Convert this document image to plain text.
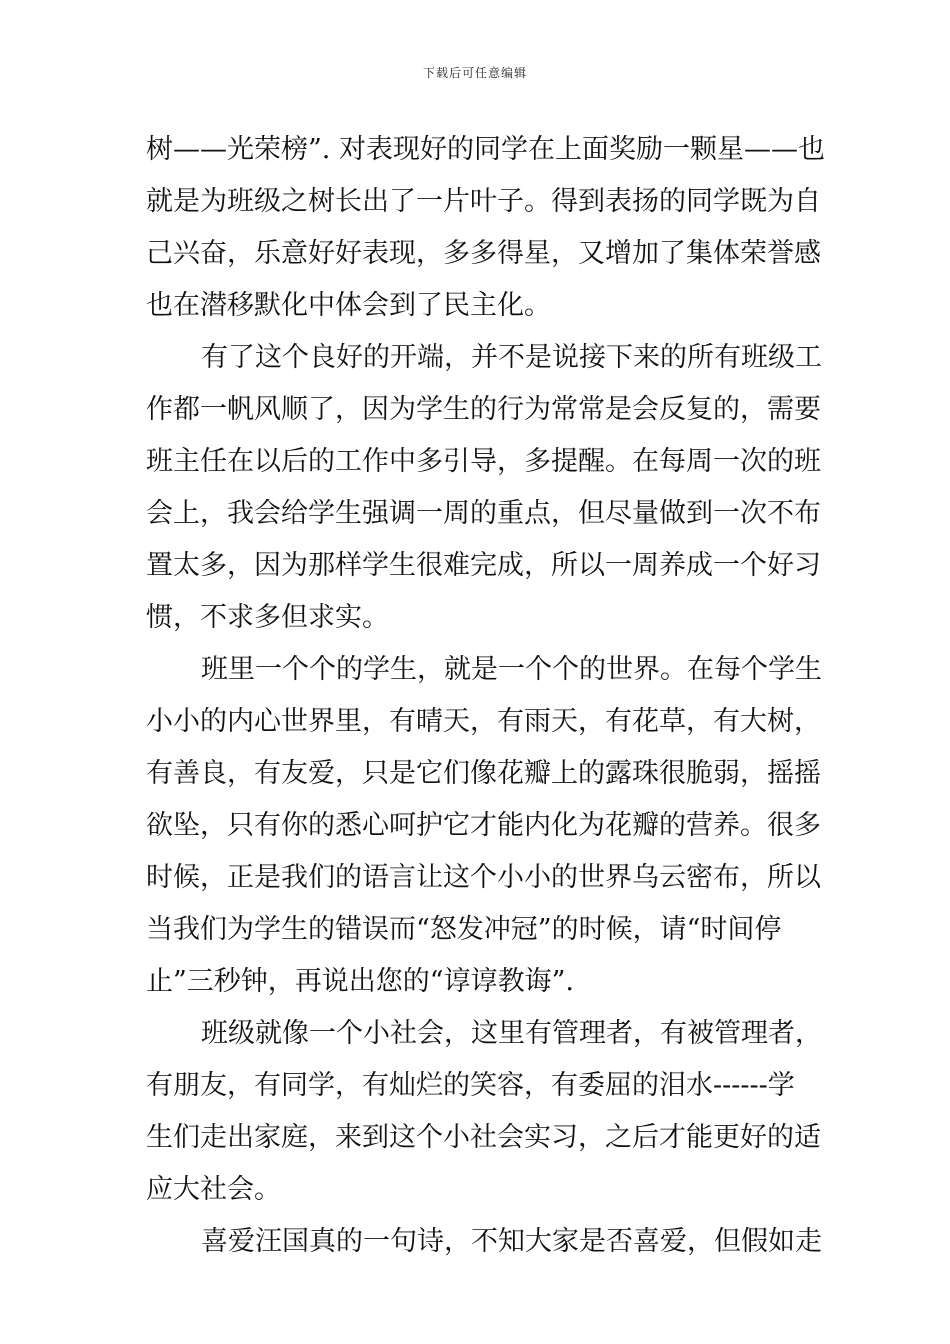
下载后可任意编辑
树——光荣榜”. 对表现好的同学在上面奖励一颗星——也
就是为班级之树长出了一片叶子。得到表扬的同学既为自
己兴奋，乐意好好表现，多多得星，又增加了集体荣誉感
也在潜移默化中体会到了民主化。
有了这个良好的开端，并不是说接下来的所有班级工
作都一帆风顺了，因为学生的行为常常是会反复的，需要
班主任在以后的工作中多引导，多提醒。在每周一次的班
会上，我会给学生强调一周的重点，但尽量做到一次不布
置太多，因为那样学生很难完成，所以一周养成一个好习
惯，不求多但求实。
班里一个个的学生，就是一个个的世界。在每个学生
小小的内心世界里，有晴天，有雨天，有花草，有大树，
有善良，有友爱，只是它们像花瓣上的露珠很脆弱，摇摇
欲坠，只有你的悉心呵护它才能内化为花瓣的营养。很多
时候，正是我们的语言让这个小小的世界乌云密布，所以
当我们为学生的错误而“怒发冲冠”的时候，请“时间停
止”三秒钟，再说出您的“谆谆教诲”.
班级就像一个小社会，这里有管理者，有被管理者，
有朋友，有同学，有灿烂的笑容，有委屈的泪水------学
生们走出家庭，来到这个小社会实习，之后才能更好的适
应大社会。
喜爱汪国真的一句诗，不知大家是否喜爱，但假如走
